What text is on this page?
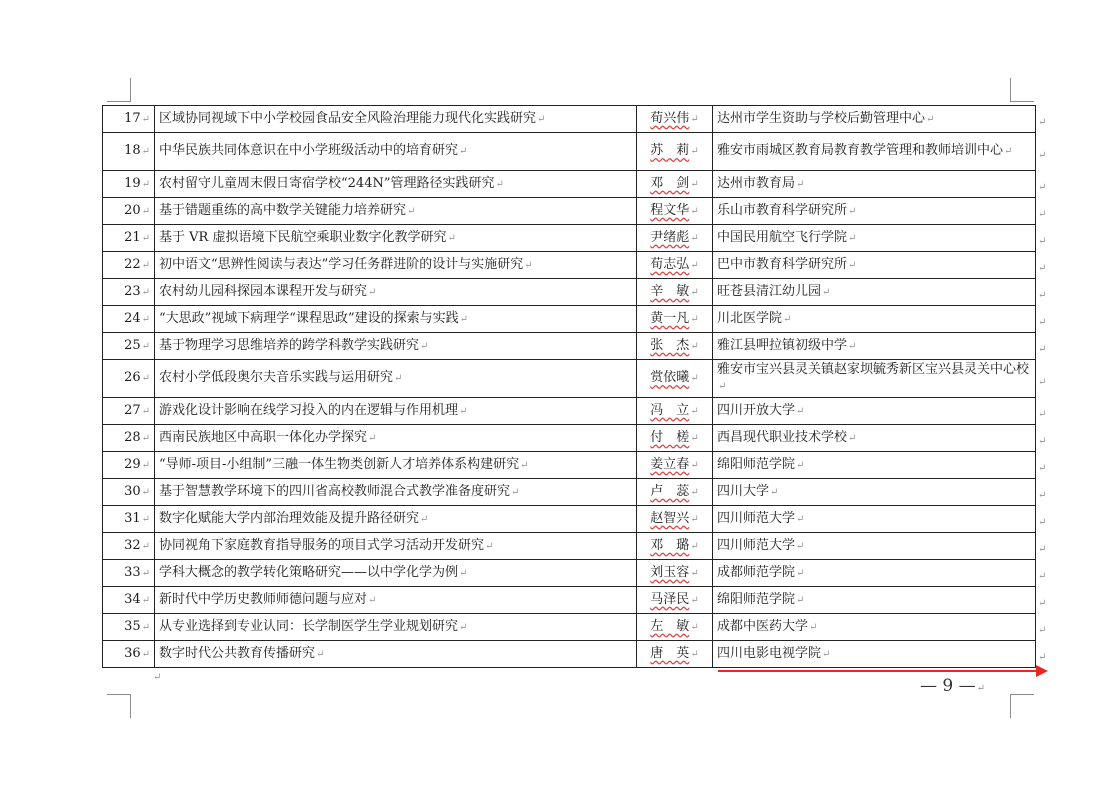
17↵	区域协同视域下中小学校园食品安全风险治理能力现代化实践研究↵	荀兴伟↵	达州市学生资助与学校后勤管理中心↵
18↵	中华民族共同体意识在中小学班级活动中的培育研究↵	苏　莉↵	雅安市雨城区教育局教育教学管理和教师培训中心↵
19↵	农村留守儿童周末假日寄宿学校“244N”管理路径实践研究↵	邓　剑↵	达州市教育局↵
20↵	基于错题重练的高中数学关键能力培养研究↵	程文华↵	乐山市教育科学研究所↵
21↵	基于 VR 虚拟语境下民航空乘职业数字化教学研究↵	尹绪彪↵	中国民用航空飞行学院↵
22↵	初中语文“思辨性阅读与表达”学习任务群进阶的设计与实施研究↵	荀志弘↵	巴中市教育科学研究所↵
23↵	农村幼儿园科探园本课程开发与研究↵	辛　敏↵	旺苍县清江幼儿园↵
24↵	“大思政”视域下病理学“课程思政”建设的探索与实践↵	黄一凡↵	川北医学院↵
25↵	基于物理学习思维培养的跨学科教学实践研究↵	张　杰↵	雅江县呷拉镇初级中学↵
26↵	农村小学低段奥尔夫音乐实践与运用研究↵	赏依曦↵	雅安市宝兴县灵关镇赵家坝毓秀新区宝兴县灵关中心校↵
27↵	游戏化设计影响在线学习投入的内在逻辑与作用机理↵	冯　立↵	四川开放大学↵
28↵	西南民族地区中高职一体化办学探究↵	付　槎↵	西昌现代职业技术学校↵
29↵	“导师-项目-小组制”三融一体生物类创新人才培养体系构建研究↵	姜立春↵	绵阳师范学院↵
30↵	基于智慧教学环境下的四川省高校教师混合式教学准备度研究↵	卢　蕊↵	四川大学↵
31↵	数字化赋能大学内部治理效能及提升路径研究↵	赵智兴↵	四川师范大学↵
32↵	协同视角下家庭教育指导服务的项目式学习活动开发研究↵	邓　璐↵	四川师范大学↵
33↵	学科大概念的教学转化策略研究——以中学化学为例↵	刘玉容↵	成都师范学院↵
34↵	新时代中学历史教师师德问题与应对↵	马泽民↵	绵阳师范学院↵
35↵	从专业选择到专业认同：长学制医学生学业规划研究↵	左　敏↵	成都中医药大学↵
36↵	数字时代公共教育传播研究↵	唐　英↵	四川电影电视学院↵
↵	— 9 —↵
↵
↵
↵
↵
↵
↵
↵
↵
↵
↵
↵
↵
↵
↵
↵
↵
↵
↵
↵
↵
